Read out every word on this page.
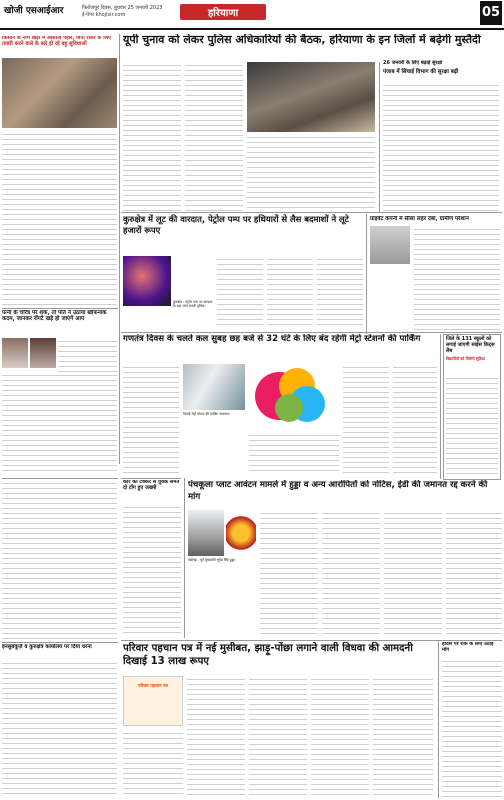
खोजी एसआईआर	फिरोजपुर दिवस, बुधवार 25 जनवरी 2023
ई-पेपर khojisir.com	हरियाणा	05
किसान के नाम खेड़ा में अस्तित्व पहल, बिना रोलर के लिए तयारी करने वाले के बारे हो रहे बहु सुविधाओं	यूपी चुनाव को लेकर पुलिस अधिकारियों की बैठक, हरियाणा के इन जिलों में बढ़ेगी मुस्तैदी
26 जनवरी के लिए बढ़ाई सुरक्षा
पंजाब में सिंचाई विभाग की सुरक्षा बढ़ी
कुरुक्षेत्र में लूट की वारदात, पेट्रोल पम्प पर हथियारों से लैस बदमाशों ने लूटे हजारों रूपए
कुरुक्षेत्र : पेट्रोल पम्प पर वारदात के बाद जांच करती पुलिस।
प्राइवेट कंपनी में सीसा लहर दबा, ग्रामीण परेशान
गणतंत्र दिवस के चलते कल सुबह छह बजे से 32 घंटे के लिए बंद रहेगी मेट्रो स्टेशनों की पार्किंग
दिल्ली मेट्रो स्टेशन की पार्किंग व्यवस्था।
जिले के 131 स्कूलों को लगाई जाएगी साइंस किट्स लैब
विद्यार्थियों को मिलेगी सुविधा
पत्नी के चरित्र पर शक, तो पति ने उठाया खौफनाक कदम, जानकर रोंगटे खड़े हो जाएंगे आप
कार की टक्कर से युवक समेत दो टोंग हुए जख्मी	पंचकूला प्लाट आवंटन मामले में हुड्डा व अन्य आरोपितों को नोटिस, ईडी की जमानत रद्द करने की मांग
चंडीगढ़ : पूर्व मुख्यमंत्री भूपेंद्र सिंह हुड्डा।
परिवार पहचान पत्र में नई मुसीबत, झाड़ू-पोंछा लगाने वाली विधवा की आमदनी दिखाई 13 लाख रूपए
परिवार पहचान पत्र
हादसे पर रोक के लिए उठाई मांग
इनसुबकूज़ें व कुरुक्षेत्र कार्यालय पर दिया धरना
